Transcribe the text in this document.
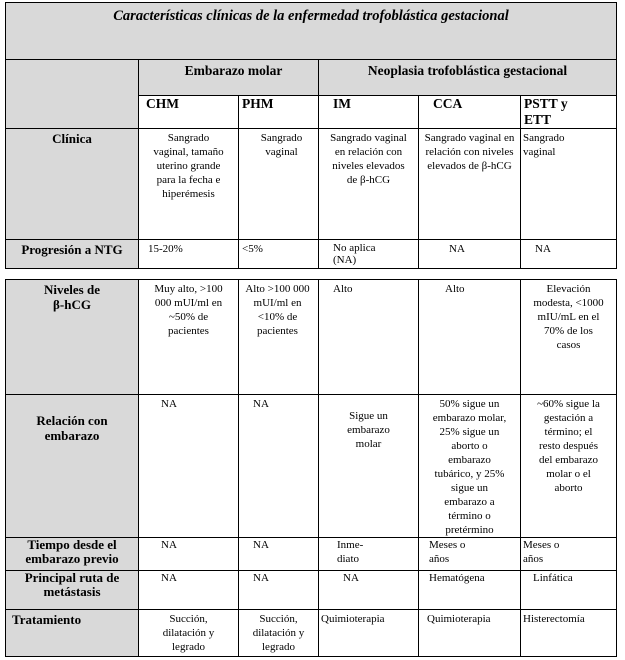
Características clínicas de la enfermedad trofoblástica gestacional					
	Embarazo molar		Neoplasia trofoblástica gestacional		
	CHM	PHM	IM	CCA	PSTT y ETT
Clínica	Sangrado vaginal, tamaño uterino grande para la fecha e hiperémesis	Sangrado vaginal	Sangrado vaginal en relación con niveles elevados de β-hCG	Sangrado vaginal en relación con niveles elevados de β-hCG	Sangrado vaginal
Progresión a NTG	15-20%	<5%	No aplica (NA)	NA	NA
Niveles de β-hCG	Muy alto, >100 000 mUI/ml en ~50% de pacientes	Alto >100 000 mUI/ml en <10% de pacientes	Alto	Alto	Elevación modesta, <1000 mIU/mL en el 70% de los casos
Relación con embarazo	NA	NA	Sigue un embarazo molar	50% sigue un embarazo molar, 25% sigue un aborto o embarazo tubárico, y 25% sigue un embarazo a término o pretérmino	~60% sigue la gestación a término; el resto después del embarazo molar o el aborto
Tiempo desde el embarazo previo	NA	NA	Inme-diato	Meses o años	Meses o años
Principal ruta de metástasis	NA	NA	NA	Hematógena	Linfática
Tratamiento	Succión, dilatación y legrado	Succión, dilatación y legrado	Quimioterapia	Quimioterapia	Histerectomía
